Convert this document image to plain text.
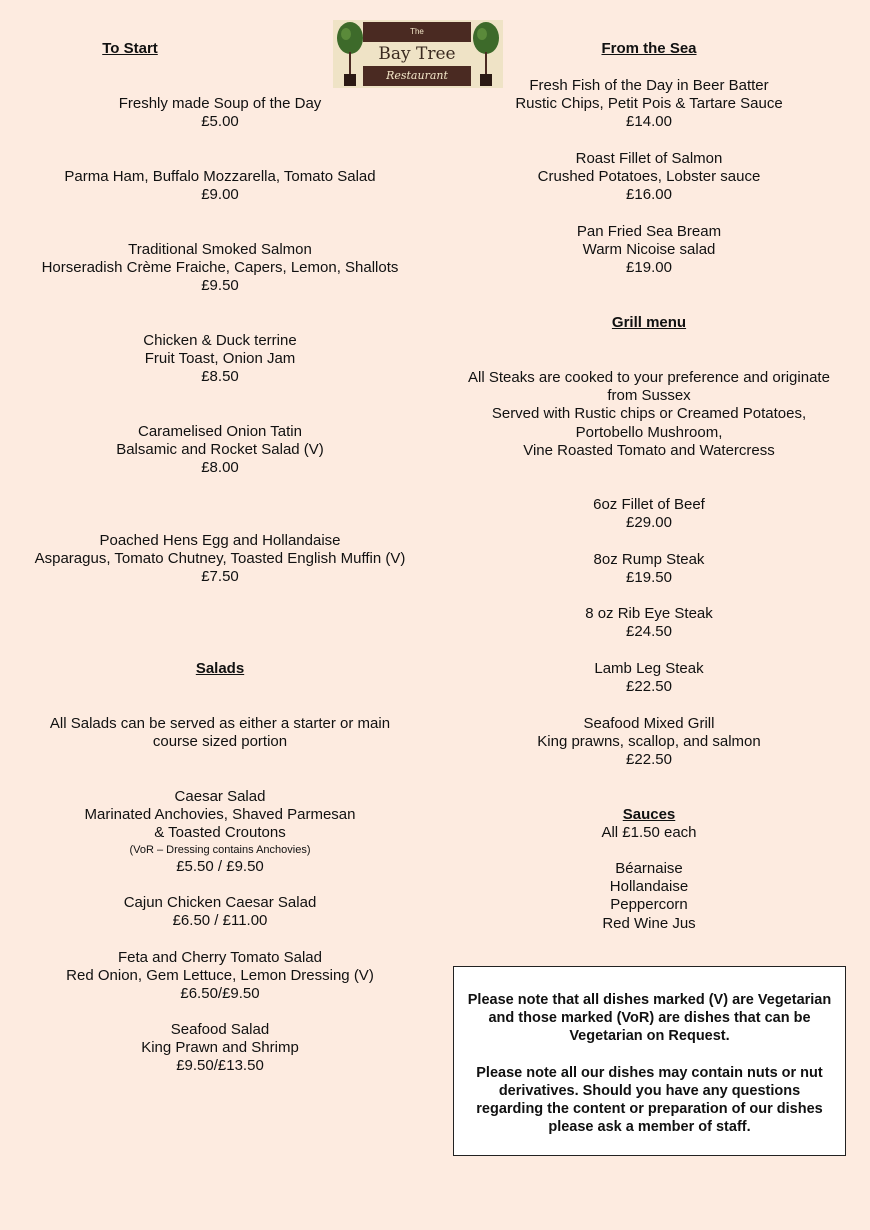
The
Bay Tree
Restaurant
To Start
Freshly made Soup of the Day
£5.00
Parma Ham, Buffalo Mozzarella, Tomato Salad
£9.00
Traditional Smoked Salmon
Horseradish Crème Fraiche, Capers, Lemon, Shallots
£9.50
Chicken & Duck terrine
Fruit Toast, Onion Jam
£8.50
Caramelised Onion Tatin
Balsamic and Rocket Salad (V)
£8.00
Poached Hens Egg and Hollandaise
Asparagus, Tomato Chutney, Toasted English Muffin (V)
£7.50
Salads
All Salads can be served as either a starter or main
course sized portion
Caesar Salad
Marinated Anchovies, Shaved Parmesan
& Toasted Croutons
(VoR – Dressing contains Anchovies)
£5.50 / £9.50
Cajun Chicken Caesar Salad
£6.50 / £11.00
Feta and Cherry Tomato Salad
Red Onion, Gem Lettuce, Lemon Dressing (V)
£6.50/£9.50
Seafood Salad
King Prawn and Shrimp
£9.50/£13.50
From the Sea
Fresh Fish of the Day in Beer Batter
Rustic Chips, Petit Pois & Tartare Sauce
£14.00
Roast Fillet of Salmon
Crushed Potatoes, Lobster sauce
£16.00
Pan Fried Sea Bream
Warm Nicoise salad
£19.00
Grill menu
All Steaks are cooked to your preference and originate
from Sussex
Served with Rustic chips or Creamed Potatoes,
Portobello Mushroom,
Vine Roasted Tomato and Watercress
6oz Fillet of Beef
£29.00
8oz Rump Steak
£19.50
8 oz Rib Eye Steak
£24.50
Lamb Leg Steak
£22.50
Seafood Mixed Grill
King prawns, scallop, and salmon
£22.50
Sauces
All £1.50 each
Béarnaise
Hollandaise
Peppercorn
Red Wine Jus

Please note that all dishes marked (V) are Vegetarian and those marked (VoR) are dishes that can be Vegetarian on Request.

Please note all our dishes may contain nuts or nut derivatives. Should you have any questions regarding the content or preparation of our dishes please ask a member of staff.
